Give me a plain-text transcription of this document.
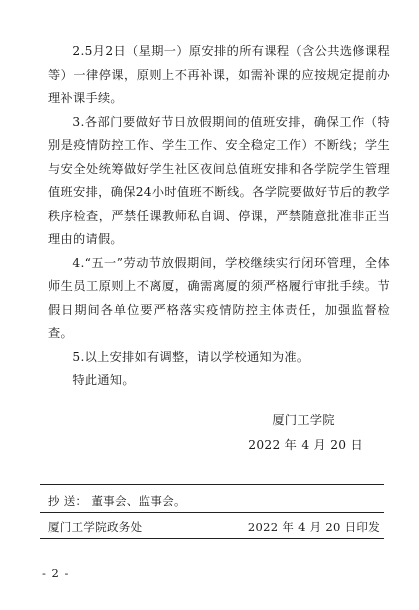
2.5月2日（星期一）原安排的所有课程（含公共选修课程等）一律停课，原则上不再补课，如需补课的应按规定提前办理补课手续。

3.各部门要做好节日放假期间的值班安排，确保工作（特别是疫情防控工作、学生工作、安全稳定工作）不断线；学生与安全处统筹做好学生社区夜间总值班安排和各学院学生管理值班安排，确保24小时值班不断线。各学院要做好节后的教学秩序检查，严禁任课教师私自调、停课，严禁随意批准非正当理由的请假。

4.“五一”劳动节放假期间，学校继续实行闭环管理，全体师生员工原则上不离厦，确需离厦的须严格履行审批手续。节假日期间各单位要严格落实疫情防控主体责任，加强监督检查。

5.以上安排如有调整，请以学校通知为准。

特此通知。

厦门工学院
2022 年 4 月 20 日
抄 送： 董事会、监事会。
厦门工学院政务处	2022 年 4 月 20 日印发
- 2 -
